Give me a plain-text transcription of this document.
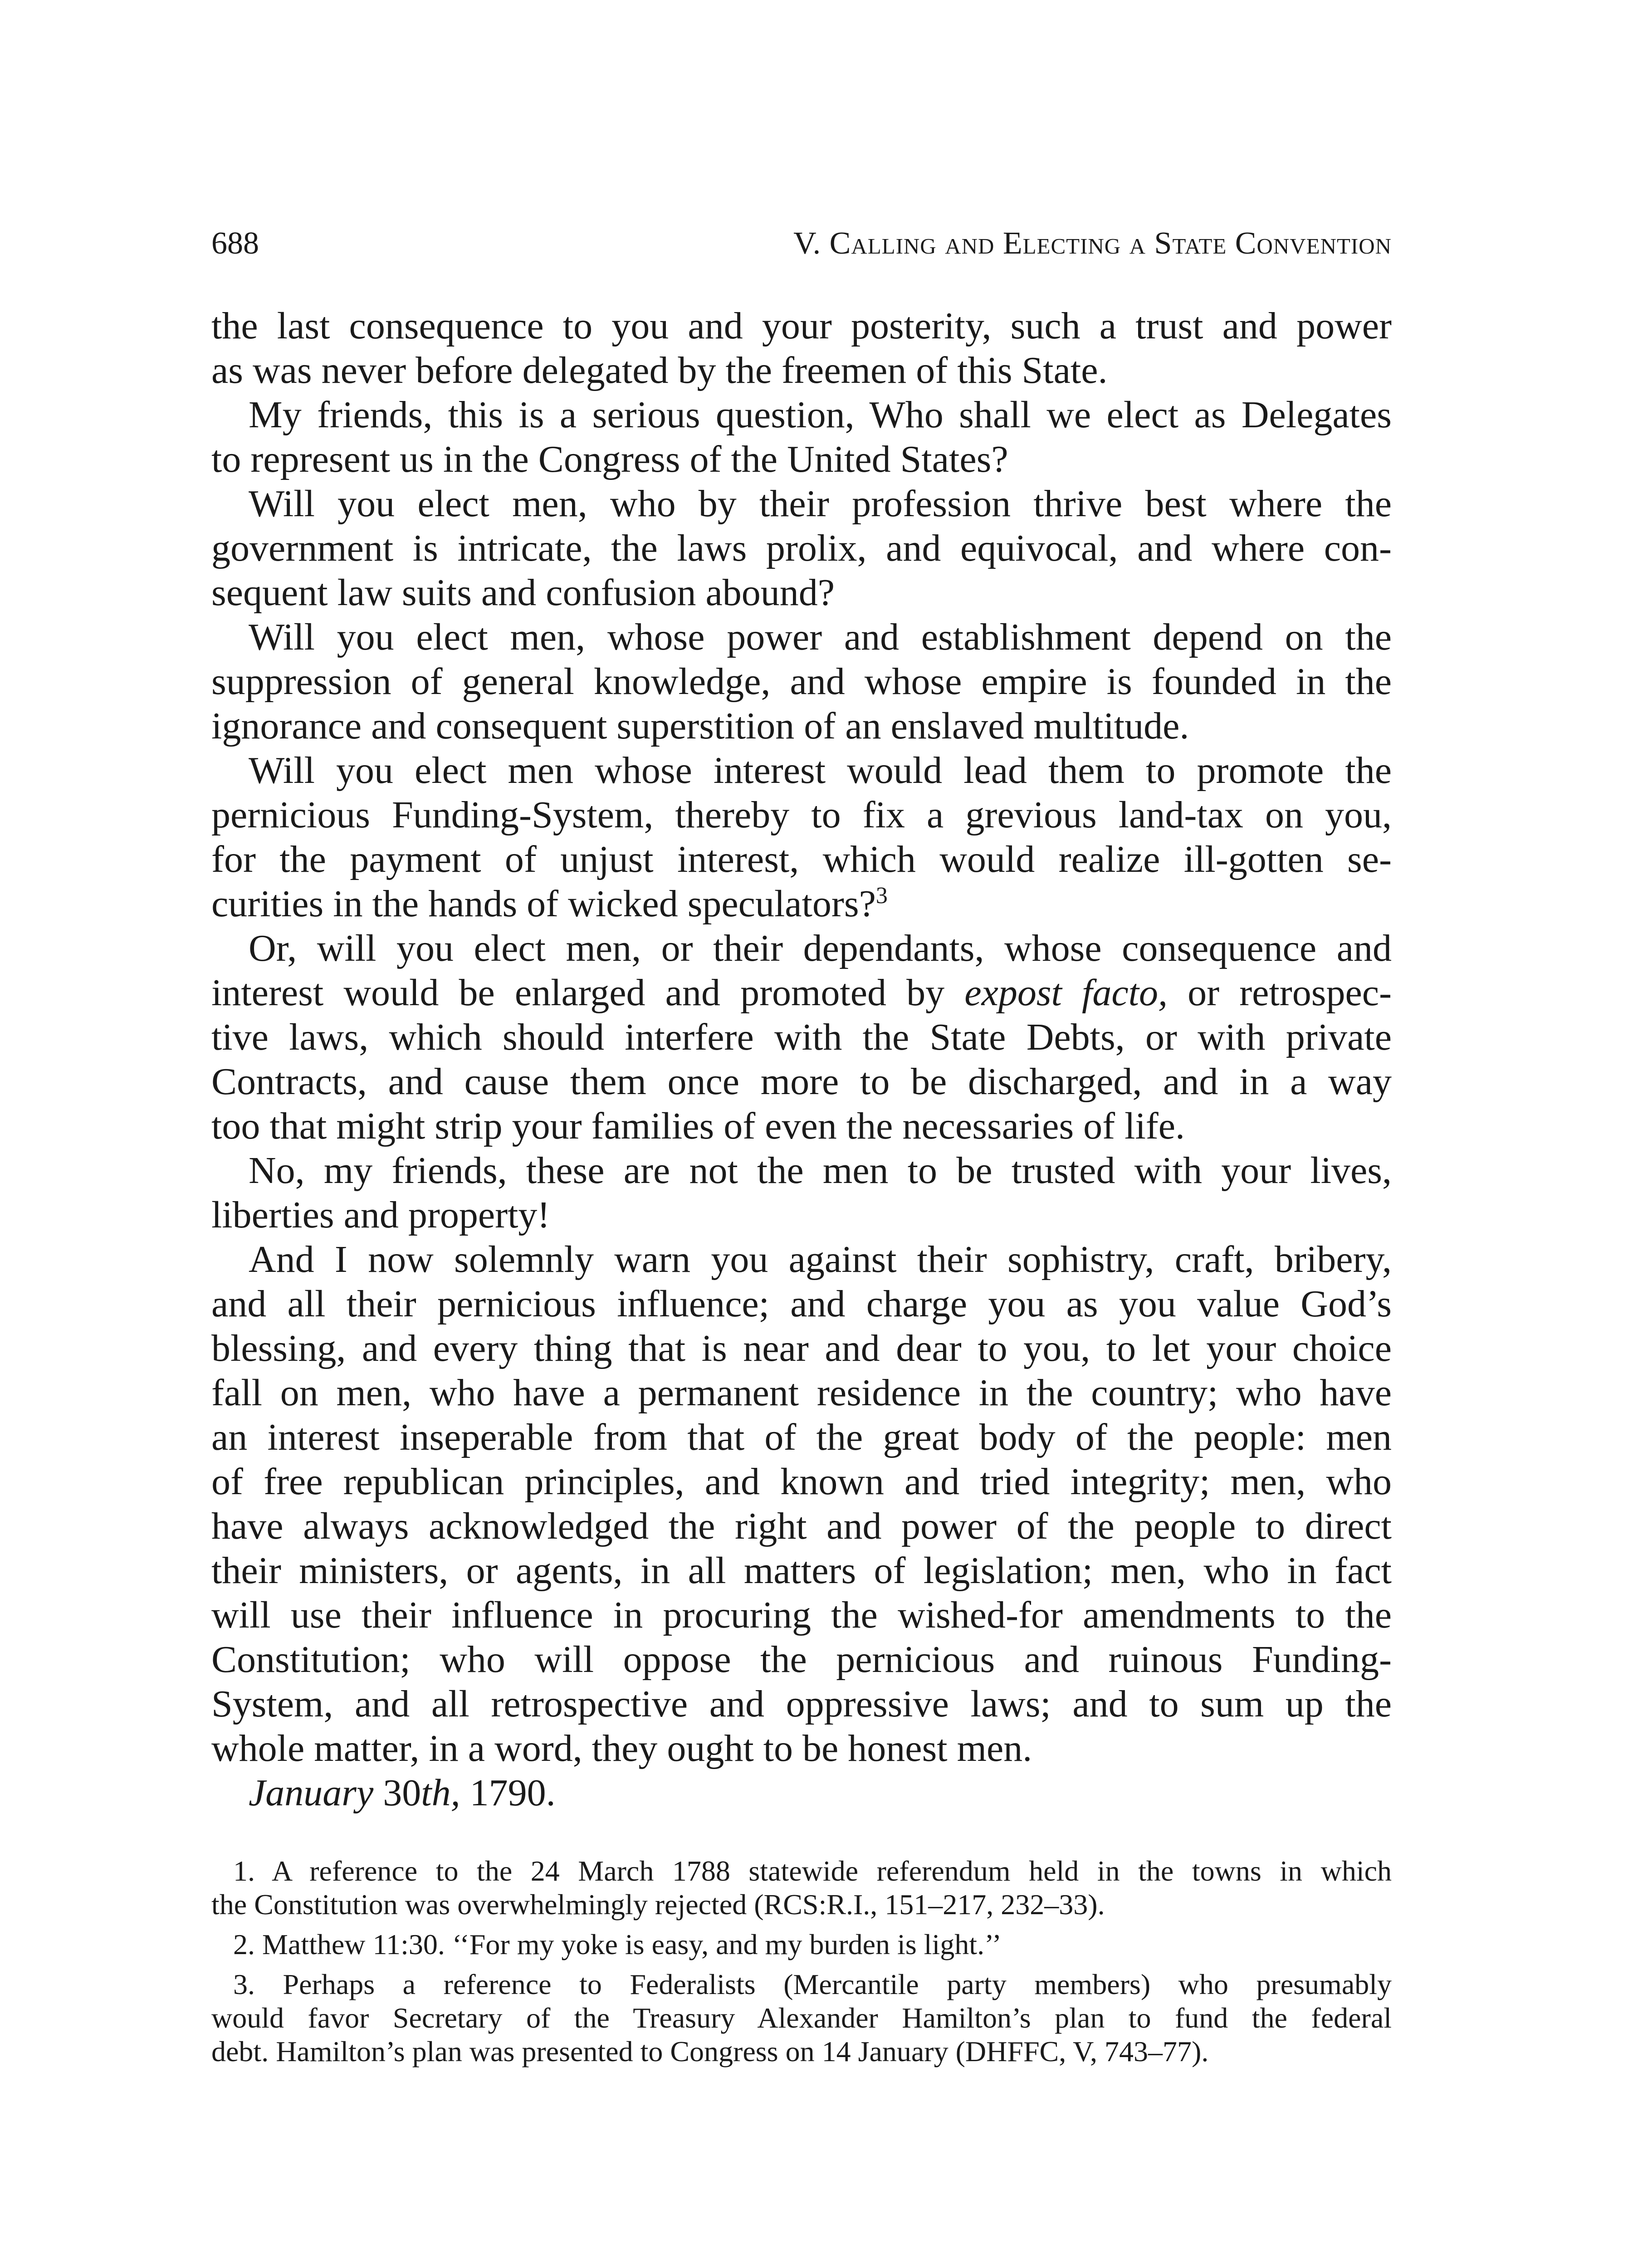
688	V. Calling and Electing a State Convention
the last consequence to you and your posterity, such a trust and power
as was never before delegated by the freemen of this State.
My friends, this is a serious question, Who shall we elect as Delegates
to represent us in the Congress of the United States?
Will you elect men, who by their profession thrive best where the
government is intricate, the laws prolix, and equivocal, and where con-
sequent law suits and confusion abound?
Will you elect men, whose power and establishment depend on the
suppression of general knowledge, and whose empire is founded in the
ignorance and consequent superstition of an enslaved multitude.
Will you elect men whose interest would lead them to promote the
pernicious Funding-System, thereby to fix a grevious land-tax on you,
for the payment of unjust interest, which would realize ill-gotten se-
curities in the hands of wicked speculators?$^3$
Or, will you elect men, or their dependants, whose consequence and
interest would be enlarged and promoted by expost facto, or retrospec-
tive laws, which should interfere with the State Debts, or with private
Contracts, and cause them once more to be discharged, and in a way
too that might strip your families of even the necessaries of life.
No, my friends, these are not the men to be trusted with your lives,
liberties and property!
And I now solemnly warn you against their sophistry, craft, bribery,
and all their pernicious influence; and charge you as you value God’s
blessing, and every thing that is near and dear to you, to let your choice
fall on men, who have a permanent residence in the country; who have
an interest inseperable from that of the great body of the people: men
of free republican principles, and known and tried integrity; men, who
have always acknowledged the right and power of the people to direct
their ministers, or agents, in all matters of legislation; men, who in fact
will use their influence in procuring the wished-for amendments to the
Constitution; who will oppose the pernicious and ruinous Funding-
System, and all retrospective and oppressive laws; and to sum up the
whole matter, in a word, they ought to be honest men.
January 30th, 1790.
1. A reference to the 24 March 1788 statewide referendum held in the towns in which
the Constitution was overwhelmingly rejected (RCS:R.I., 151–217, 232–33).
2. Matthew 11:30. ‘‘For my yoke is easy, and my burden is light.’’
3. Perhaps a reference to Federalists (Mercantile party members) who presumably
would favor Secretary of the Treasury Alexander Hamilton’s plan to fund the federal
debt. Hamilton’s plan was presented to Congress on 14 January (DHFFC, V, 743–77).
